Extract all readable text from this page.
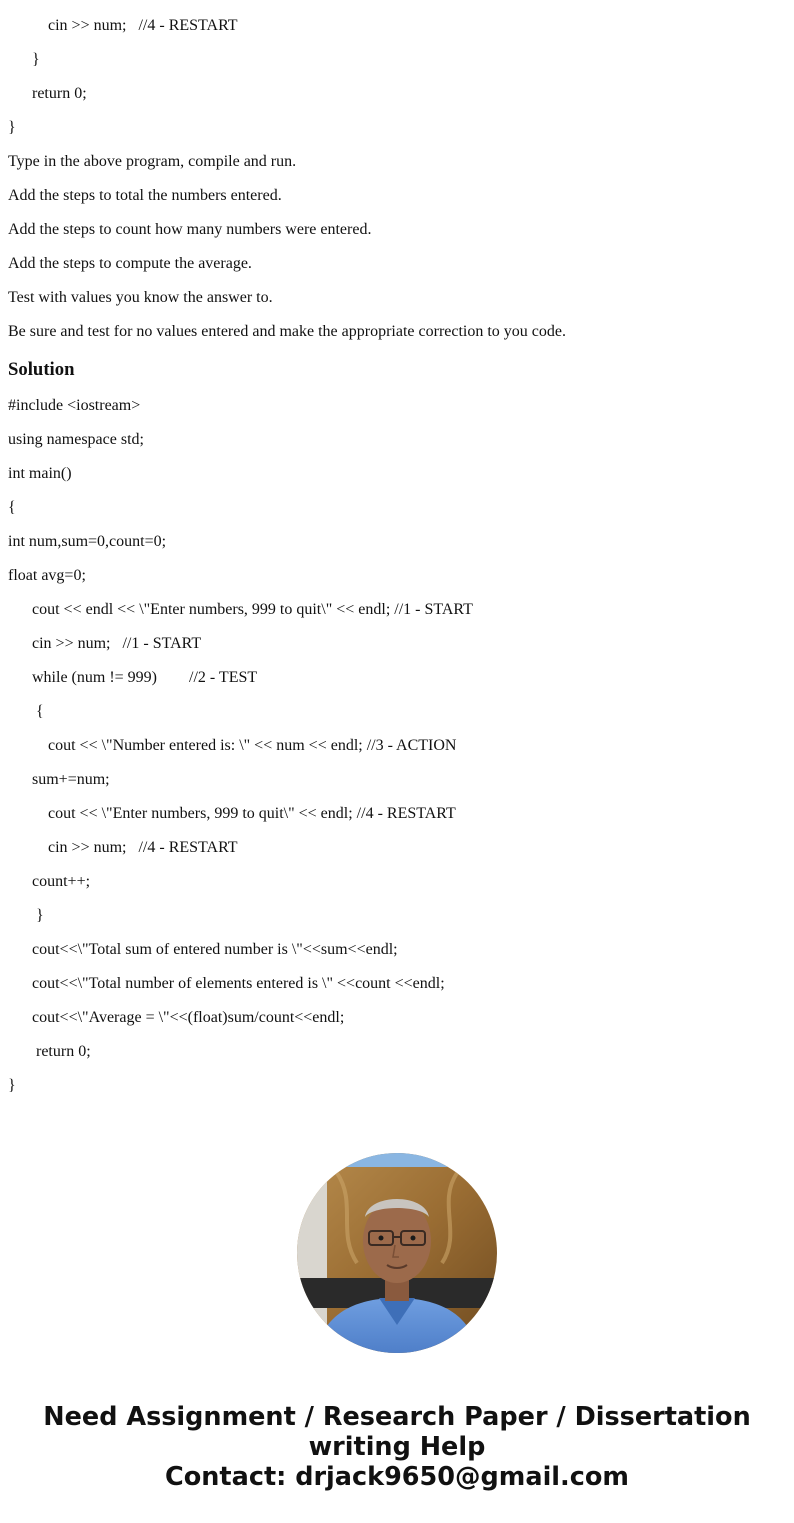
cin >> num;   //4 - RESTART
}
return 0;
}
Type in the above program, compile and run.
Add the steps to total the numbers entered.
Add the steps to count how many numbers were entered.
Add the steps to compute the average.
Test with values you know the answer to.
Be sure and test for no values entered and make the appropriate correction to you code.
Solution
#include <iostream>
using namespace std;
int main()
{
int num,sum=0,count=0;
float avg=0;
cout << endl << \"Enter numbers, 999 to quit\" << endl; //1 - START
cin >> num;   //1 - START
while (num != 999)        //2 - TEST
{
cout << \"Number entered is: \" << num << endl; //3 - ACTION
sum+=num;
cout << \"Enter numbers, 999 to quit\" << endl; //4 - RESTART
cin >> num;   //4 - RESTART
count++;
}
cout<<\"Total sum of entered number is \"<<sum<<endl;
cout<<\"Total number of elements entered is \" <<count <<endl;
cout<<\"Average = \"<<(float)sum/count<<endl;
return 0;
}
Need Assignment / Research Paper / Dissertation
writing Help
Contact: drjack9650@gmail.com
